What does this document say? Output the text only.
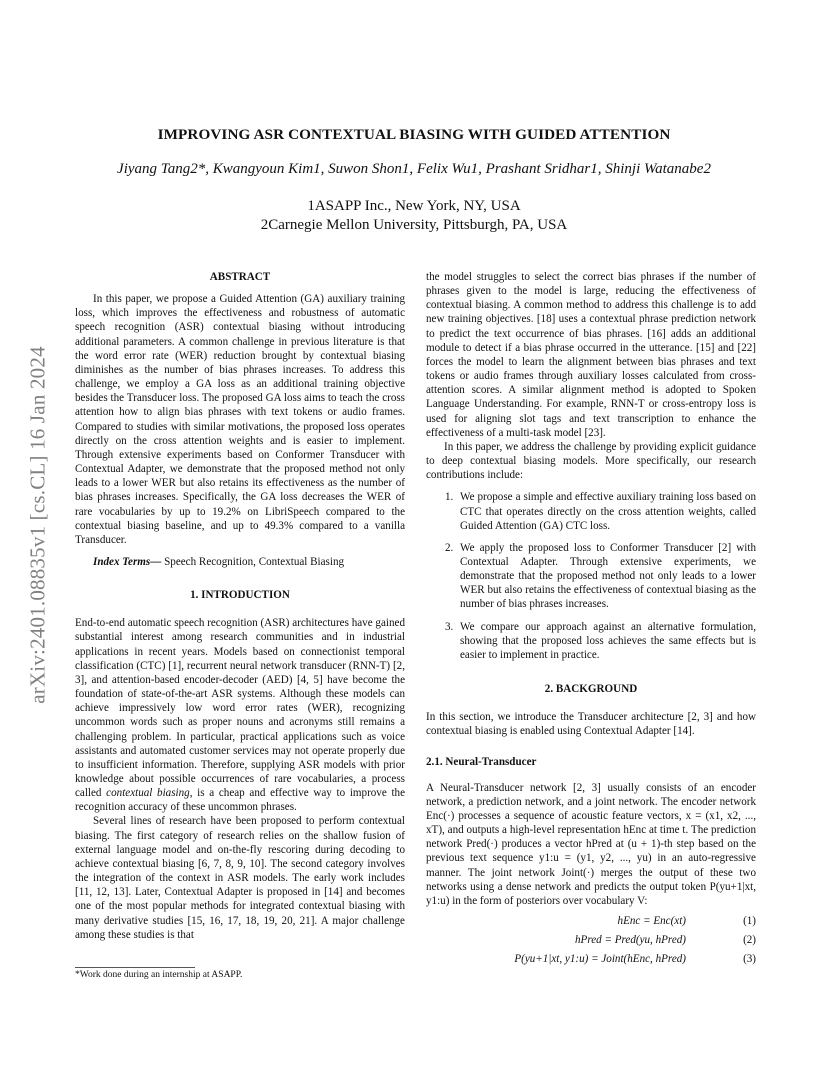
arXiv:2401.08835v1 [cs.CL] 16 Jan 2024
IMPROVING ASR CONTEXTUAL BIASING WITH GUIDED ATTENTION
Jiyang Tang2*, Kwangyoun Kim1, Suwon Shon1, Felix Wu1, Prashant Sridhar1, Shinji Watanabe2
1ASAPP Inc., New York, NY, USA
2Carnegie Mellon University, Pittsburgh, PA, USA
ABSTRACT

In this paper, we propose a Guided Attention (GA) auxiliary training loss, which improves the effectiveness and robustness of automatic speech recognition (ASR) contextual biasing without introducing additional parameters. A common challenge in previous literature is that the word error rate (WER) reduction brought by contextual biasing diminishes as the number of bias phrases increases. To address this challenge, we employ a GA loss as an additional training objective besides the Transducer loss. The proposed GA loss aims to teach the cross attention how to align bias phrases with text tokens or audio frames. Compared to studies with similar motivations, the proposed loss operates directly on the cross attention weights and is easier to implement. Through extensive experiments based on Conformer Transducer with Contextual Adapter, we demonstrate that the proposed method not only leads to a lower WER but also retains its effectiveness as the number of bias phrases increases. Specifically, the GA loss decreases the WER of rare vocabularies by up to 19.2% on LibriSpeech compared to the contextual biasing baseline, and up to 49.3% compared to a vanilla Transducer.

Index Terms— Speech Recognition, Contextual Biasing

1. INTRODUCTION

End-to-end automatic speech recognition (ASR) architectures have gained substantial interest among research communities and in industrial applications in recent years. Models based on connectionist temporal classification (CTC) [1], recurrent neural network transducer (RNN-T) [2, 3], and attention-based encoder-decoder (AED) [4, 5] have become the foundation of state-of-the-art ASR systems. Although these models can achieve impressively low word error rates (WER), recognizing uncommon words such as proper nouns and acronyms still remains a challenging problem. In particular, practical applications such as voice assistants and automated customer services may not operate properly due to insufficient information. Therefore, supplying ASR models with prior knowledge about possible occurrences of rare vocabularies, a process called contextual biasing, is a cheap and effective way to improve the recognition accuracy of these uncommon phrases.

Several lines of research have been proposed to perform contextual biasing. The first category of research relies on the shallow fusion of external language model and on-the-fly rescoring during decoding to achieve contextual biasing [6, 7, 8, 9, 10]. The second category involves the integration of the context in ASR models. The early work includes [11, 12, 13]. Later, Contextual Adapter is proposed in [14] and becomes one of the most popular methods for integrated contextual biasing with many derivative studies [15, 16, 17, 18, 19, 20, 21]. A major challenge among these studies is that

*Work done during an internship at ASAPP.

the model struggles to select the correct bias phrases if the number of phrases given to the model is large, reducing the effectiveness of contextual biasing. A common method to address this challenge is to add new training objectives. [18] uses a contextual phrase prediction network to predict the text occurrence of bias phrases. [16] adds an additional module to detect if a bias phrase occurred in the utterance. [15] and [22] forces the model to learn the alignment between bias phrases and text tokens or audio frames through auxiliary losses calculated from cross-attention scores. A similar alignment method is adopted to Spoken Language Understanding. For example, RNN-T or cross-entropy loss is used for aligning slot tags and text transcription to enhance the effectiveness of a multi-task model [23].

In this paper, we address the challenge by providing explicit guidance to deep contextual biasing models. More specifically, our research contributions include:

1. We propose a simple and effective auxiliary training loss based on CTC that operates directly on the cross attention weights, called Guided Attention (GA) CTC loss.
2. We apply the proposed loss to Conformer Transducer [2] with Contextual Adapter. Through extensive experiments, we demonstrate that the proposed method not only leads to a lower WER but also retains the effectiveness of contextual biasing as the number of bias phrases increases.
3. We compare our approach against an alternative formulation, showing that the proposed loss achieves the same effects but is easier to implement in practice.
2. BACKGROUND

In this section, we introduce the Transducer architecture [2, 3] and how contextual biasing is enabled using Contextual Adapter [14].

2.1. Neural-Transducer

A Neural-Transducer network [2, 3] usually consists of an encoder network, a prediction network, and a joint network. The encoder network Enc(·) processes a sequence of acoustic feature vectors, x = (x1, x2, ..., xT), and outputs a high-level representation hEnc at time t. The prediction network Pred(·) produces a vector hPred at (u + 1)-th step based on the previous text sequence y1:u = (y1, y2, ..., yu) in an auto-regressive manner. The joint network Joint(·) merges the output of these two networks using a dense network and predicts the output token P(yu+1|xt, y1:u) in the form of posteriors over vocabulary V:

hEnc = Enc(xt)	(1)
hPred = Pred(yu, hPred)	(2)
P(yu+1|xt, y1:u) = Joint(hEnc, hPred)	(3)
